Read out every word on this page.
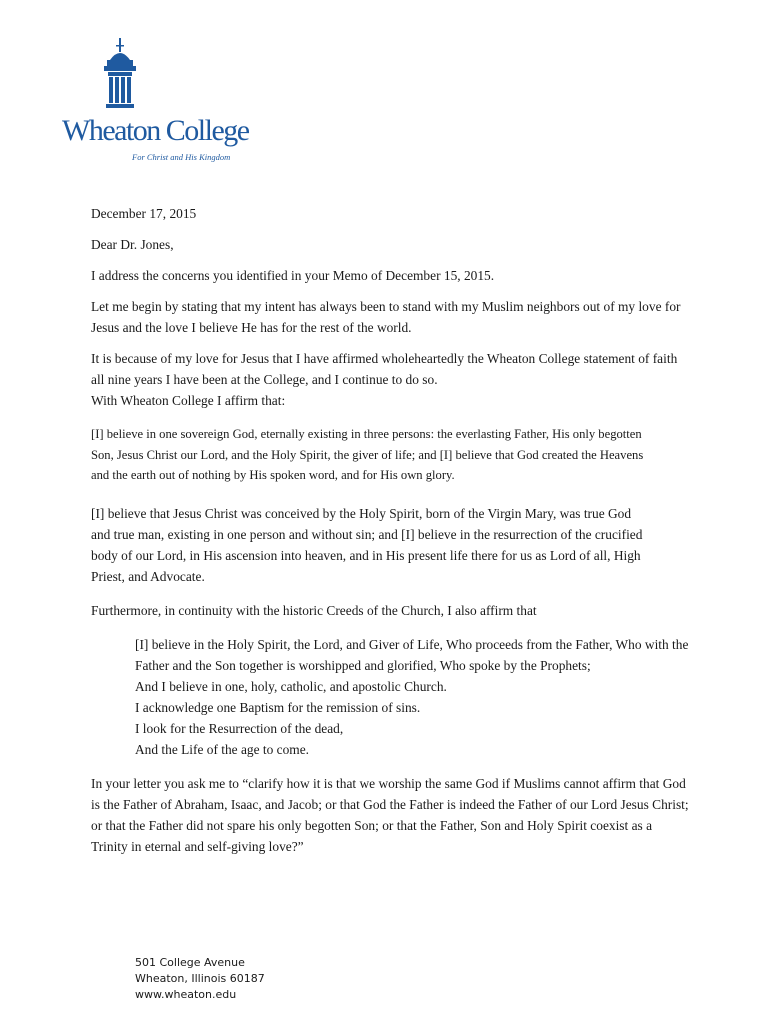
Wheaton College
For Christ and His Kingdom

December 17, 2015

Dear Dr. Jones,

I address the concerns you identified in your Memo of December 15, 2015.

Let me begin by stating that my intent has always been to stand with my Muslim neighbors out of my love for Jesus and the love I believe He has for the rest of the world.

It is because of my love for Jesus that I have affirmed wholeheartedly the Wheaton College statement of faith all nine years I have been at the College, and I continue to do so.

With Wheaton College I affirm that:

[I] believe in one sovereign God, eternally existing in three persons: the everlasting Father, His only begotten Son, Jesus Christ our Lord, and the Holy Spirit, the giver of life; and [I] believe that God created the Heavens and the earth out of nothing by His spoken word, and for His own glory.

[I] believe that Jesus Christ was conceived by the Holy Spirit, born of the Virgin Mary, was true God and true man, existing in one person and without sin; and [I] believe in the resurrection of the crucified body of our Lord, in His ascension into heaven, and in His present life there for us as Lord of all, High Priest, and Advocate.

Furthermore, in continuity with the historic Creeds of the Church, I also affirm that

[I] believe in the Holy Spirit, the Lord, and Giver of Life, Who proceeds from the Father, Who with the Father and the Son together is worshipped and glorified, Who spoke by the Prophets;

And I believe in one, holy, catholic, and apostolic Church.

I acknowledge one Baptism for the remission of sins.

I look for the Resurrection of the dead,

And the Life of the age to come.

In your letter you ask me to “clarify how it is that we worship the same God if Muslims cannot affirm that God is the Father of Abraham, Isaac, and Jacob; or that God the Father is indeed the Father of our Lord Jesus Christ; or that the Father did not spare his only begotten Son; or that the Father, Son and Holy Spirit coexist as a Trinity in eternal and self-giving love?”

501 College Avenue
Wheaton, Illinois 60187
www.wheaton.edu
